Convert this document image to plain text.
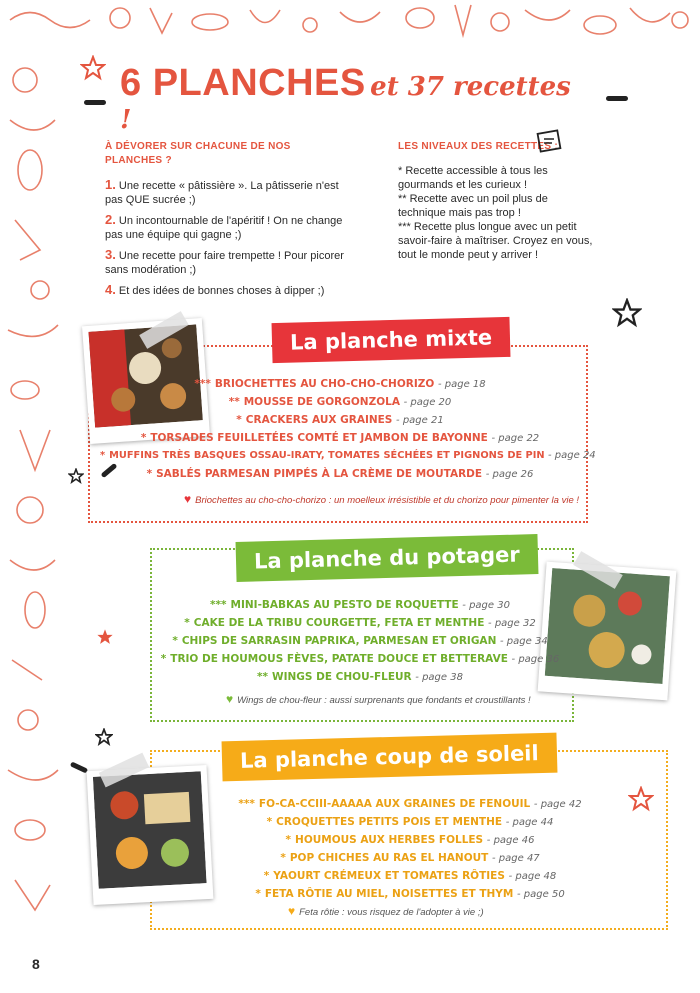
6 PLANCHES et 37 recettes !
À DÉVORER SUR CHACUNE DE NOS PLANCHES ?
1. Une recette « pâtissière ». La pâtisserie n'est pas QUE sucrée ;)
2. Un incontournable de l'apéritif ! On ne change pas une équipe qui gagne ;)
3. Une recette pour faire trempette ! Pour picorer sans modération ;)
4. Et des idées de bonnes choses à dipper ;)
LES NIVEAUX DES RECETTES :

* Recette accessible à tous les gourmands et les curieux !

** Recette avec un poil plus de technique mais pas trop !

*** Recette plus longue avec un petit savoir-faire à maîtriser. Croyez en vous, tout le monde peut y arriver !

La planche mixte
*** BRIOCHETTES AU CHO-CHO-CHORIZO - page 18
** MOUSSE DE GORGONZOLA - page 20
* CRACKERS AUX GRAINES - page 21
* TORSADES FEUILLETÉES COMTÉ ET JAMBON DE BAYONNE - page 22
* MUFFINS TRÈS BASQUES OSSAU-IRATY, TOMATES SÉCHÉES ET PIGNONS DE PIN - page 24
* SABLÉS PARMESAN PIMPÉS À LA CRÈME DE MOUTARDE - page 26
♥ Briochettes au cho-cho-chorizo : un moelleux irrésistible et du chorizo pour pimenter la vie !
La planche du potager
*** MINI-BABKAS AU PESTO DE ROQUETTE - page 30
* CAKE DE LA TRIBU COURGETTE, FETA ET MENTHE - page 32
* CHIPS DE SARRASIN PAPRIKA, PARMESAN ET ORIGAN - page 34
* TRIO DE HOUMOUS FÈVES, PATATE DOUCE ET BETTERAVE - page 36
** WINGS DE CHOU-FLEUR - page 38
♥ Wings de chou-fleur : aussi surprenants que fondants et croustillants !
La planche coup de soleil
*** FO-CA-CCIII-AAAAA AUX GRAINES DE FENOUIL - page 42
* CROQUETTES PETITS POIS ET MENTHE - page 44
* HOUMOUS AUX HERBES FOLLES - page 46
* POP CHICHES AU RAS EL HANOUT - page 47
* YAOURT CRÉMEUX ET TOMATES RÔTIES - page 48
* FETA RÔTIE AU MIEL, NOISETTES ET THYM - page 50
♥ Feta rôtie : vous risquez de l'adopter à vie ;)
8
